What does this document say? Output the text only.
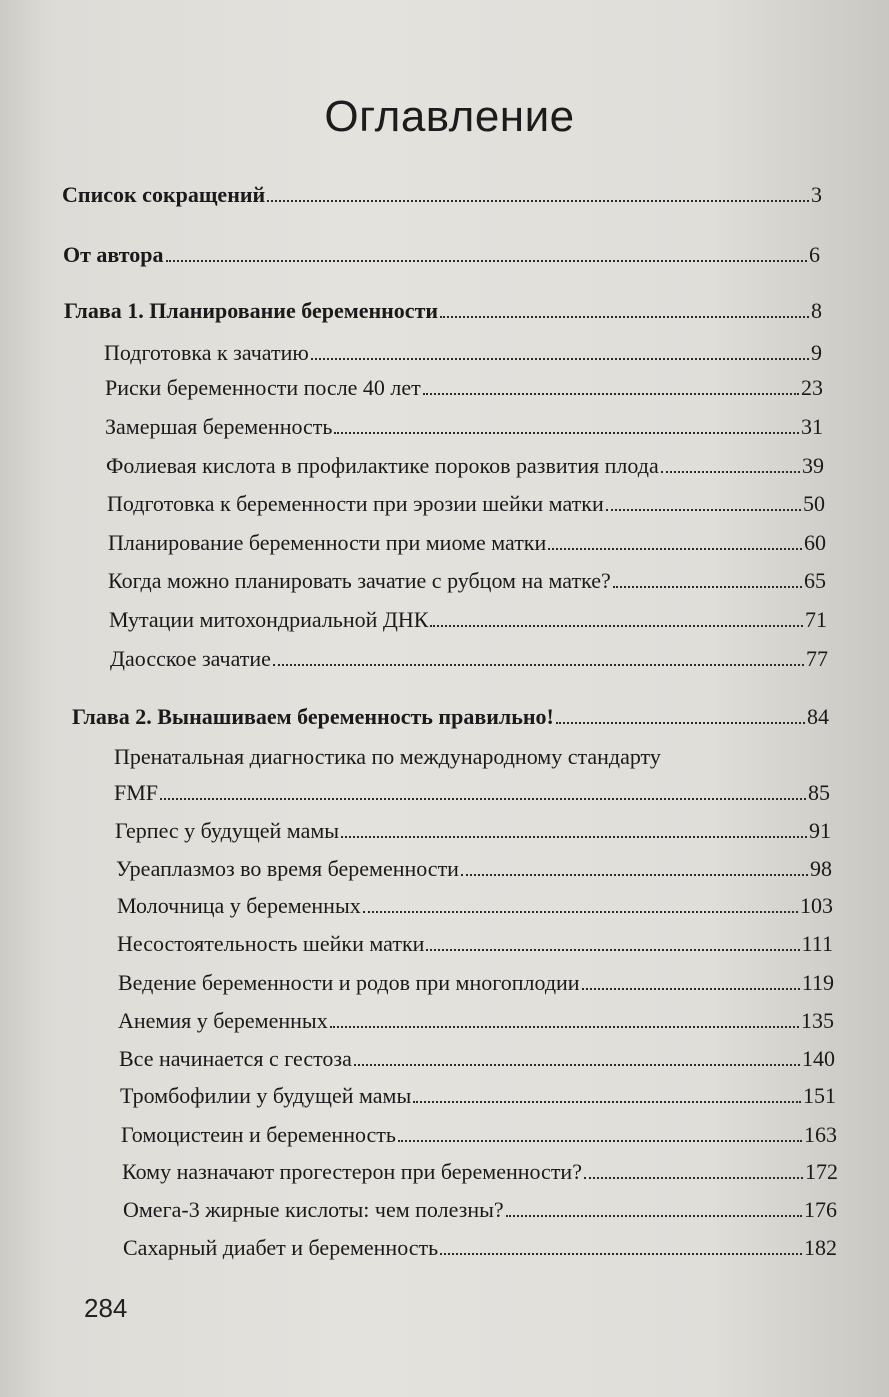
Оглавление
Список сокращений	3
От автора	6
Глава 1. Планирование беременности	8
Подготовка к зачатию	9
Риски беременности после 40 лет	23
Замершая беременность	31
Фолиевая кислота в профилактике пороков развития плода	39
Подготовка к беременности при эрозии шейки матки	50
Планирование беременности при миоме матки	60
Когда можно планировать зачатие с рубцом на матке?	65
Мутации митохондриальной ДНК	71
Даосское зачатие	77
Глава 2. Вынашиваем беременность правильно!	84
Пренатальная диагностика по международному стандарту
FMF	85
Герпес у будущей мамы	91
Уреаплазмоз во время беременности	98
Молочница у беременных	103
Несостоятельность шейки матки	111
Ведение беременности и родов при многоплодии	119
Анемия у беременных	135
Все начинается с гестоза	140
Тромбофилии у будущей мамы	151
Гомоцистеин и беременность	163
Кому назначают прогестерон при беременности?	172
Омега-3 жирные кислоты: чем полезны?	176
Сахарный диабет и беременность	182
284
